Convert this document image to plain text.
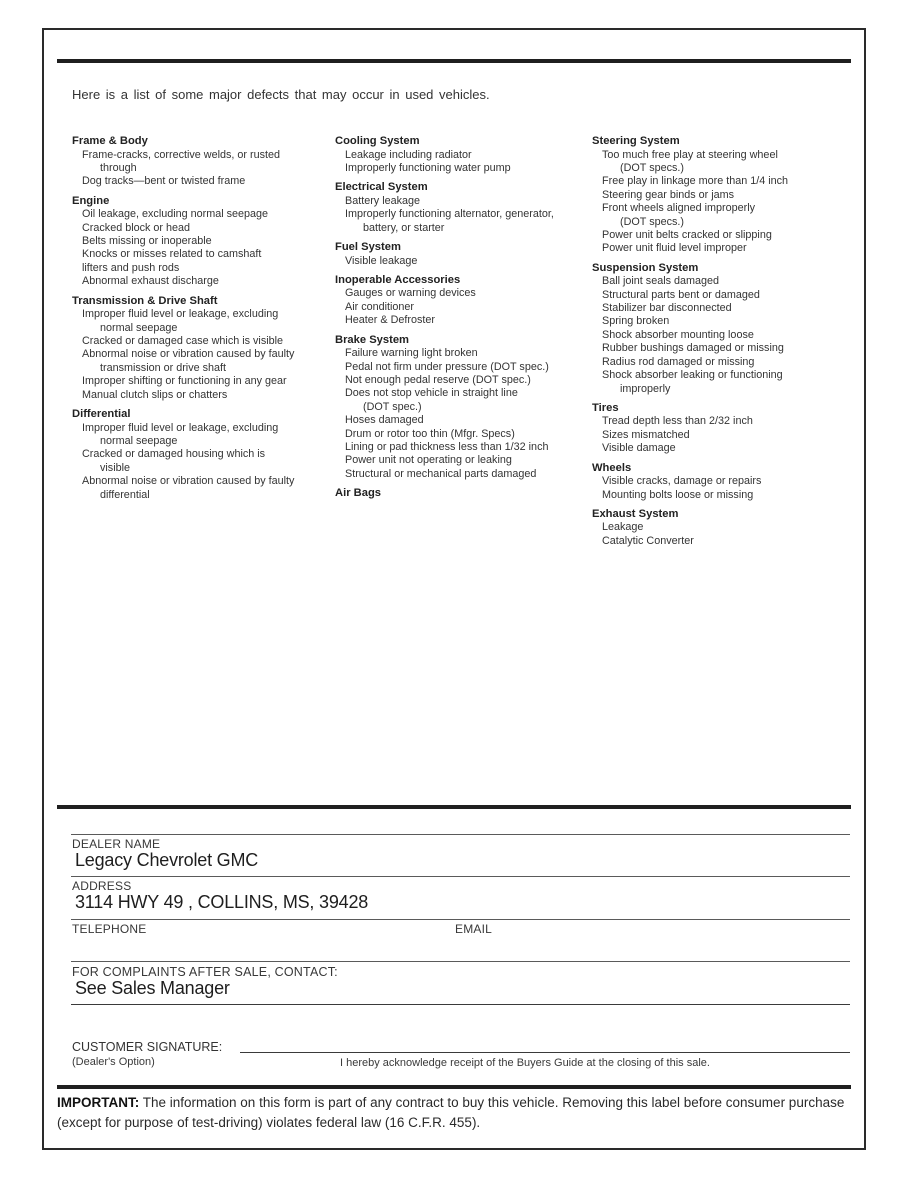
Here is a list of some major defects that may occur in used vehicles.
Frame & Body
Frame-cracks, corrective welds, or rusted
through
Dog tracks—bent or twisted frame
Engine
Oil leakage, excluding normal seepage
Cracked block or head
Belts missing or inoperable
Knocks or misses related to camshaft
lifters and push rods
Abnormal exhaust discharge
Transmission & Drive Shaft
Improper fluid level or leakage, excluding
normal seepage
Cracked or damaged case which is visible
Abnormal noise or vibration caused by faulty
transmission or drive shaft
Improper shifting or functioning in any gear
Manual clutch slips or chatters
Differential
Improper fluid level or leakage, excluding
normal seepage
Cracked or damaged housing which is
visible
Abnormal noise or vibration caused by faulty
differential
Cooling System
Leakage including radiator
Improperly functioning water pump
Electrical System
Battery leakage
Improperly functioning alternator, generator,
battery, or starter
Fuel System
Visible leakage
Inoperable Accessories
Gauges or warning devices
Air conditioner
Heater & Defroster
Brake System
Failure warning light broken
Pedal not firm under pressure (DOT spec.)
Not enough pedal reserve (DOT spec.)
Does not stop vehicle in straight line
(DOT spec.)
Hoses damaged
Drum or rotor too thin (Mfgr. Specs)
Lining or pad thickness less than 1/32 inch
Power unit not operating or leaking
Structural or mechanical parts damaged
Air Bags
Steering System
Too much free play at steering wheel
(DOT specs.)
Free play in linkage more than 1/4 inch
Steering gear binds or jams
Front wheels aligned improperly
(DOT specs.)
Power unit belts cracked or slipping
Power unit fluid level improper
Suspension System
Ball joint seals damaged
Structural parts bent or damaged
Stabilizer bar disconnected
Spring broken
Shock absorber mounting loose
Rubber bushings damaged or missing
Radius rod damaged or missing
Shock absorber leaking or functioning
improperly
Tires
Tread depth less than 2/32 inch
Sizes mismatched
Visible damage
Wheels
Visible cracks, damage or repairs
Mounting bolts loose or missing
Exhaust System
Leakage
Catalytic Converter
DEALER NAME
Legacy Chevrolet GMC
ADDRESS
3114 HWY 49 , COLLINS, MS, 39428
TELEPHONE	EMAIL
FOR COMPLAINTS AFTER SALE, CONTACT:
See Sales Manager
CUSTOMER SIGNATURE:
(Dealer's Option)	I hereby acknowledge receipt of the Buyers Guide at the closing of this sale.
IMPORTANT: The information on this form is part of any contract to buy this vehicle. Removing this label before consumer purchase (except for purpose of test-driving) violates federal law (16 C.F.R. 455).
